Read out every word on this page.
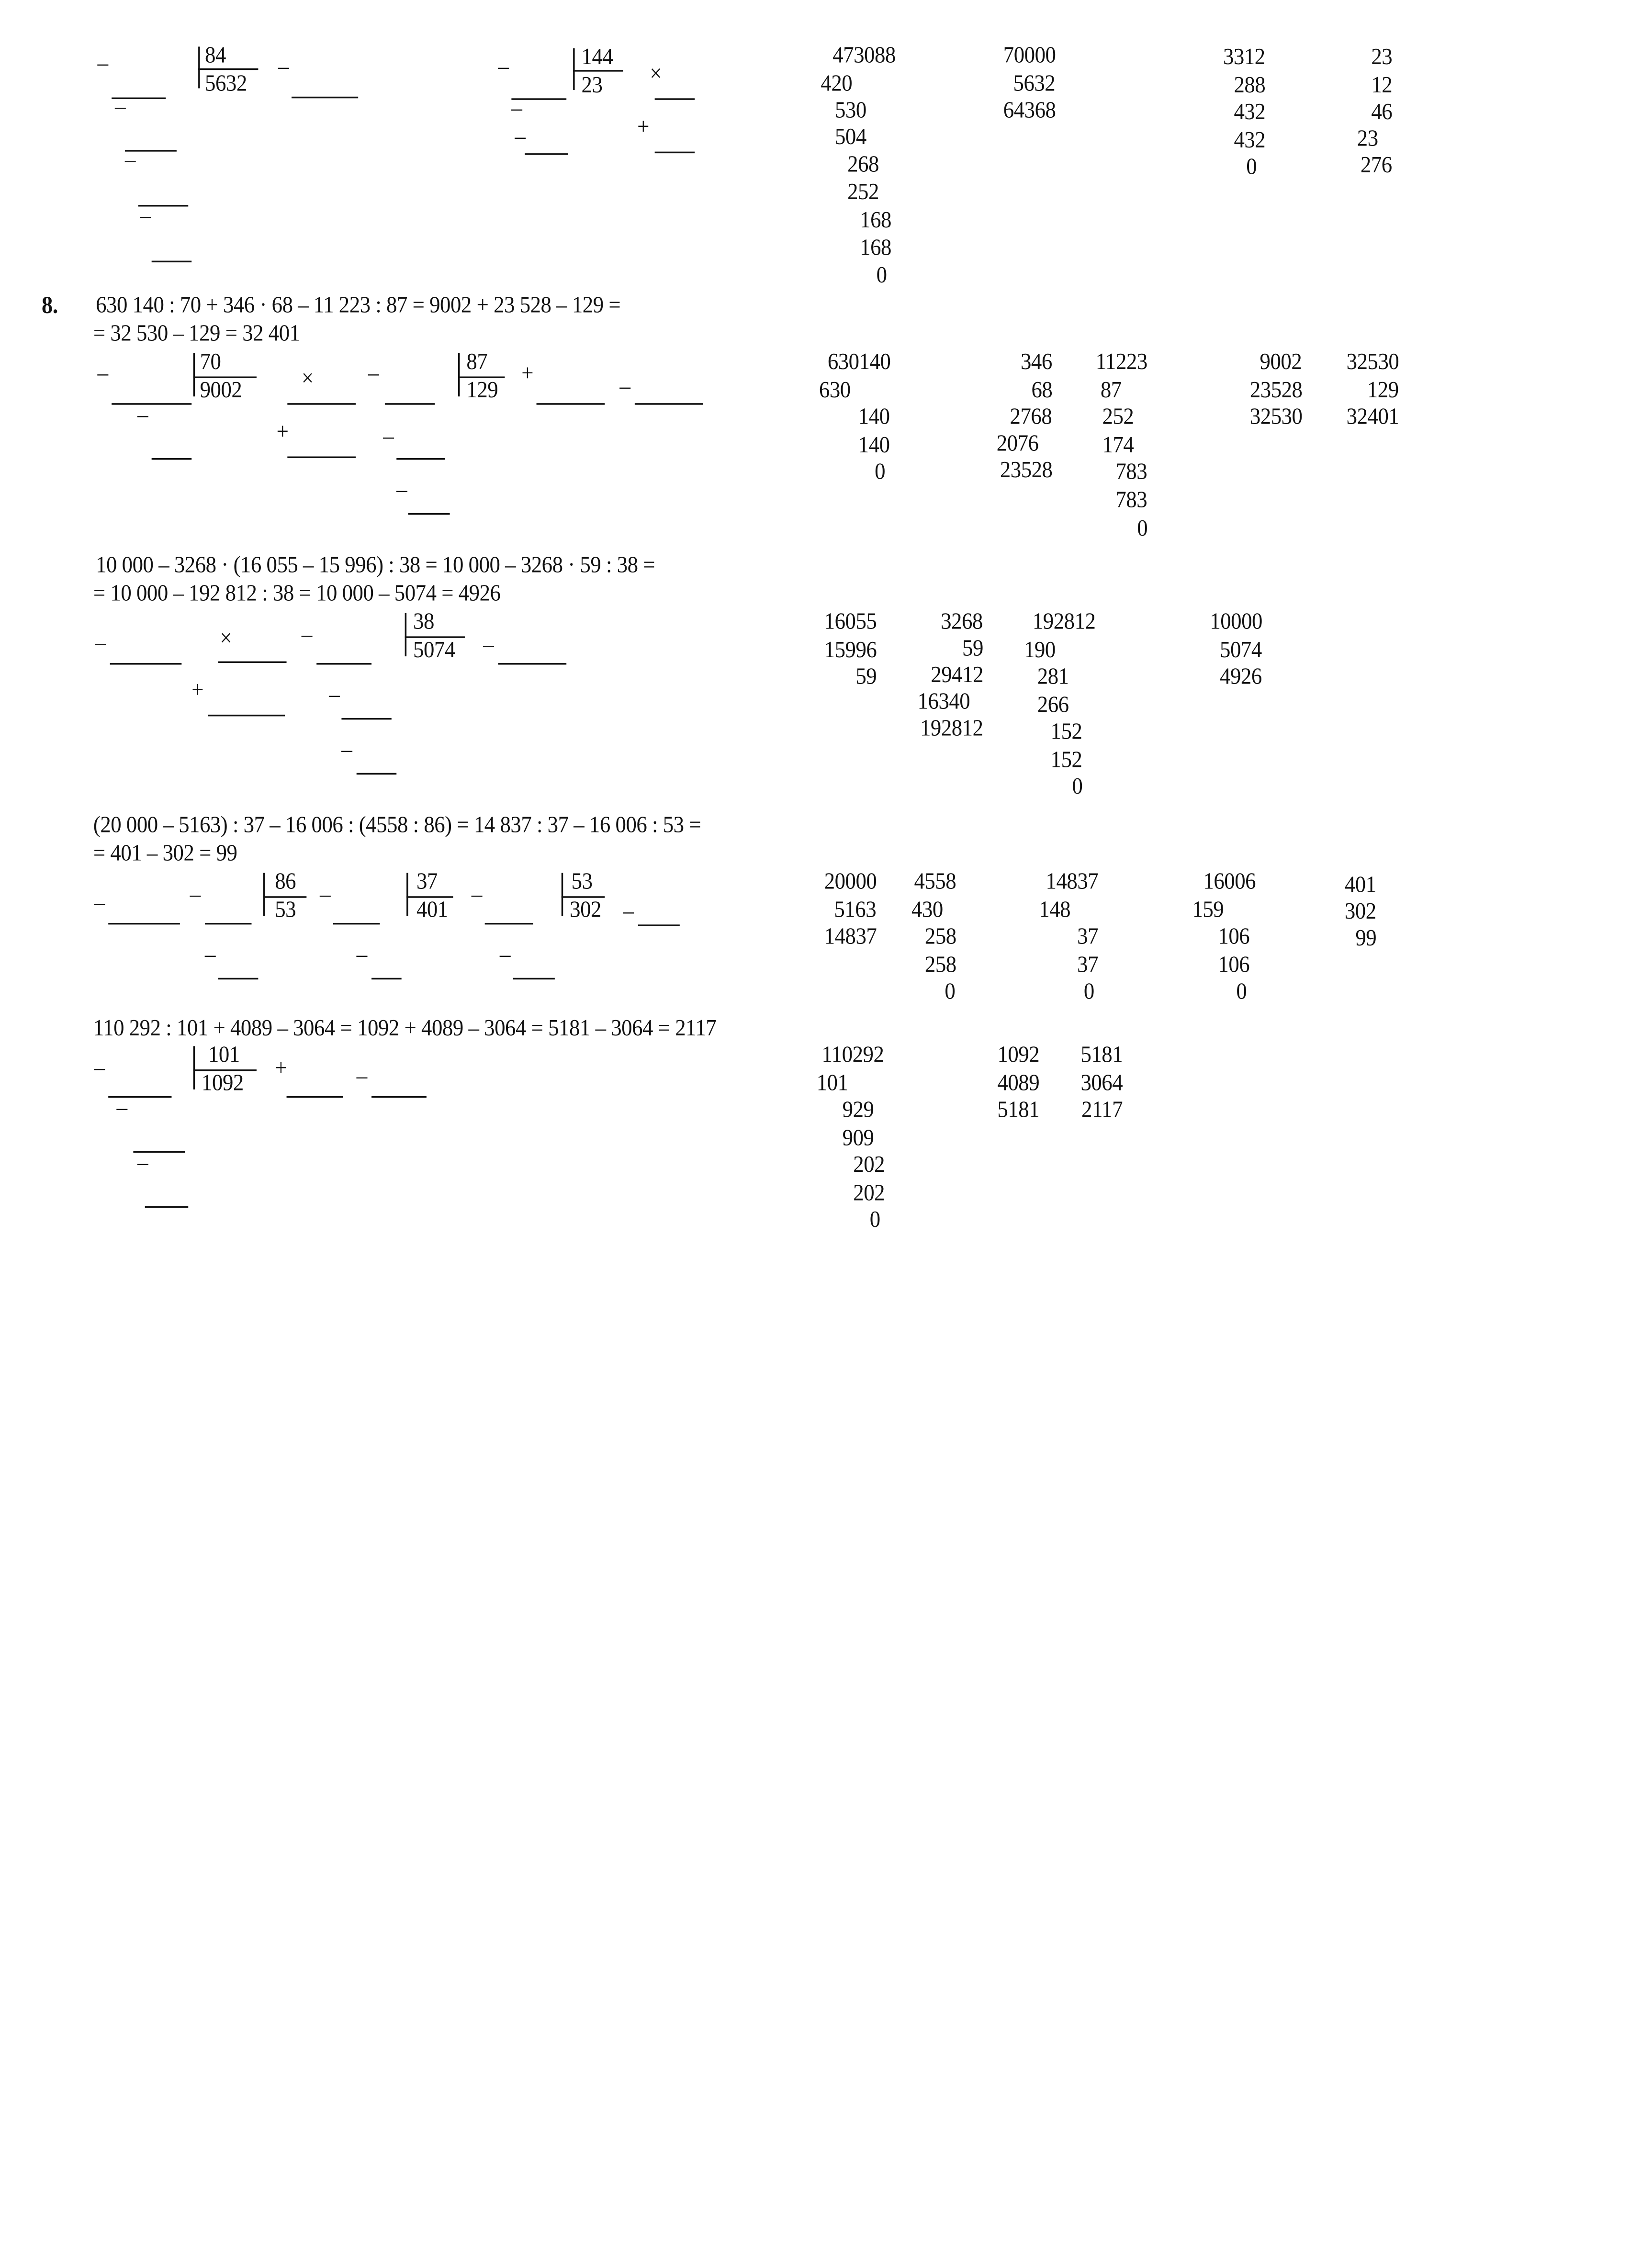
_	473088
84
5632	420
_	530
504
_	268
252
_	168
168
0
_	70000
5632
64368
_	3312
144
23	288
_	432
_	432
0
23
×	12
46
+	23
276
8.	630 140 : 70 + 346 · 68 – 11 223 : 87 = 9002 + 23 528 – 129 =
= 32 530 – 129 = 32 401
_	630140
70
9002	630
_	140
140
0
346
×	68
2768
+	2076
23528
_	11223
87
129	87
_	252
174
_	783
783
0
+	9002
23528
32530
_
32530
129
32401
10 000 – 3268 · (16 055 – 15 996) : 38 = 10 000 – 3268 · 59 : 38 =
= 10 000 – 192 812 : 38 = 10 000 – 5074 = 4926
_
16055
15996
59
3268
×	59
29412
+	16340
192812
_	192812
38
5074	190
_	281
266
_	152
152
0
_
10000
5074
4926
(20 000 – 5163) : 37 – 16 006 : (4558 : 86) = 14 837 : 37 – 16 006 : 53 =
= 401 – 302 = 99
_
20000
5163
14837
_	4558
86
53	430
_	258
258
0
_	14837
37
401	148
_	37
37
0
_	16006
53
302	159
_	106
106
0
_
401
302
99
110 292 : 101 + 4089 – 3064 = 1092 + 4089 – 3064 = 5181 – 3064 = 2117
_	110292
101
1092	101
_	929
909
_	202
202
0
+
1092
4089
5181
_
5181
3064
2117
